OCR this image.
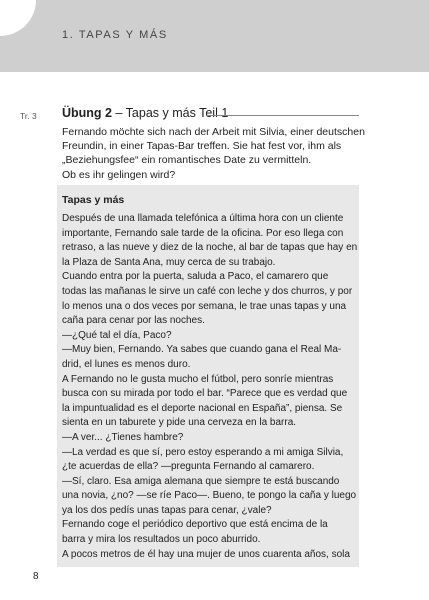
1. TAPAS Y MÁS
Tr. 3 Übung 2 – Tapas y más Teil 1
Fernando möchte sich nach der Arbeit mit Silvia, einer deutschen
Freundin, in einer Tapas-Bar treffen. Sie hat fest vor, ihm als
„Beziehungsfee“ ein romantisches Date zu vermitteln.
Ob es ihr gelingen wird?
Tapas y más
Después de una llamada telefónica a última hora con un cliente
importante, Fernando sale tarde de la oficina. Por eso llega con
retraso, a las nueve y diez de la noche, al bar de tapas que hay en
la Plaza de Santa Ana, muy cerca de su trabajo.
Cuando entra por la puerta, saluda a Paco, el camarero que
todas las mañanas le sirve un café con leche y dos churros, y por
lo menos una o dos veces por semana, le trae unas tapas y una
caña para cenar por las noches.
—¿Qué tal el día, Paco?
—Muy bien, Fernando. Ya sabes que cuando gana el Real Ma-
drid, el lunes es menos duro.
A Fernando no le gusta mucho el fútbol, pero sonríe mientras
busca con su mirada por todo el bar. “Parece que es verdad que
la impuntualidad es el deporte nacional en España”, piensa. Se
sienta en un taburete y pide una cerveza en la barra.
—A ver... ¿Tienes hambre?
—La verdad es que sí, pero estoy esperando a mi amiga Silvia,
¿te acuerdas de ella? —pregunta Fernando al camarero.
—Sí, claro. Esa amiga alemana que siempre te está buscando
una novia, ¿no? —se ríe Paco—. Bueno, te pongo la caña y luego
ya los dos pedís unas tapas para cenar, ¿vale?
Fernando coge el periódico deportivo que está encima de la
barra y mira los resultados un poco aburrido.
A pocos metros de él hay una mujer de unos cuarenta años, sola
8
